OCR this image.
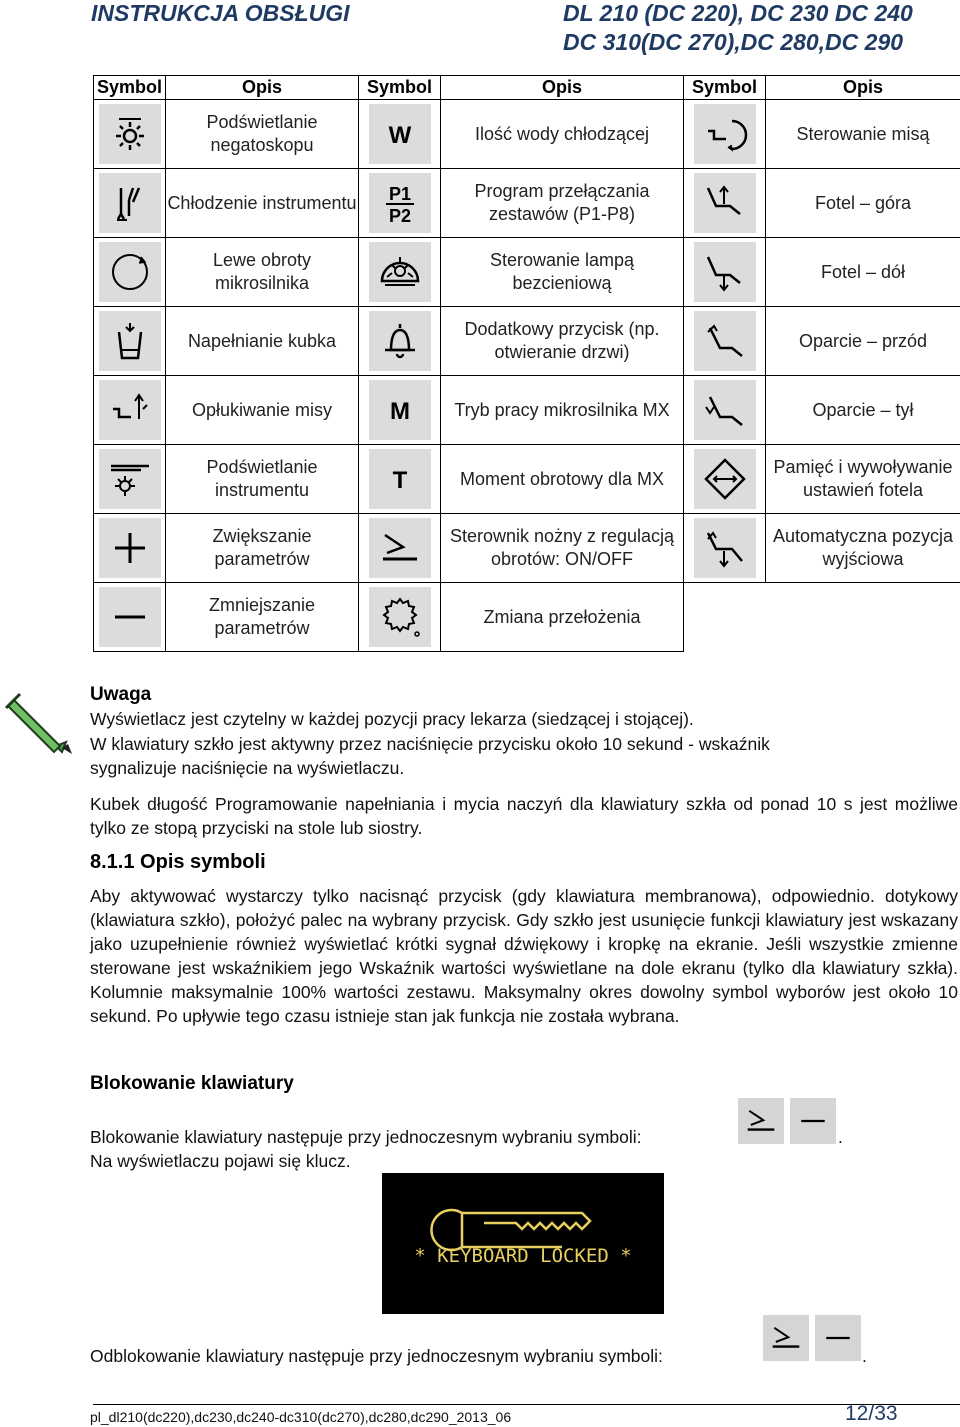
INSTRUKCJA OBSŁUGI	DL 210 (DC 220), DC 230 DC 240
DC 310(DC 270),DC 280,DC 290
Symbol	Opis	Symbol	Opis	Symbol	Opis

	Podświetlanie negatoskopu	W	Ilość wody chłodzącej		Sterowanie misą

	Chłodzenie instrumentu	P1
P2	Program przełączania zestawów (P1-P8)		Fotel – góra

	Lewe obroty mikrosilnika		Sterowanie lampą bezcieniową		Fotel – dół

	Napełnianie kubka		Dodatkowy przycisk (np. otwieranie drzwi)		Oparcie – przód

	Opłukiwanie misy	M	Tryb pracy mikrosilnika MX		Oparcie – tył

	Podświetlanie instrumentu	T	Moment obrotowy dla MX		Pamięć i wywoływanie ustawień fotela

	Zwiększanie parametrów		Sterownik nożny z regulacją obrotów: ON/OFF		Automatyczna pozycja wyjściowa

	Zmniejszanie parametrów		Zmiana przełożenia		
Uwaga
Wyświetlacz jest czytelny w każdej pozycji pracy lekarza (siedzącej i stojącej).
W klawiatury szkło jest aktywny przez naciśnięcie przycisku około 10 sekund - wskaźnik
sygnalizuje naciśnięcie na wyświetlaczu.
Kubek długość Programowanie napełniania i mycia naczyń dla klawiatury szkła od ponad 10 s jest możliwe tylko ze stopą przyciski na stole lub siostry.
8.1.1 Opis symboli
Aby aktywować wystarczy tylko nacisnąć przycisk (gdy klawiatura membranowa), odpowiednio. dotykowy (klawiatura szkło), położyć palec na wybrany przycisk. Gdy szkło jest usunięcie funkcji klawiatury jest wskazany jako uzupełnienie również wyświetlać krótki sygnał dźwiękowy i kropkę na ekranie. Jeśli wszystkie zmienne sterowane jest wskaźnikiem jego Wskaźnik wartości wyświetlane na dole ekranu (tylko dla klawiatury szkła). Kolumnie maksymalnie 100% wartości zestawu. Maksymalny okres dowolny symbol wyborów jest około 10 sekund. Po upływie tego czasu istnieje stan jak funkcja nie została wybrana.
Blokowanie klawiatury
Blokowanie klawiatury następuje przy jednoczesnym wybraniu symboli:	.
Na wyświetlaczu pojawi się klucz.
* KEYBOARD LOCKED *
Odblokowanie klawiatury następuje przy jednoczesnym wybraniu symboli:	.
pl_dl210(dc220),dc230,dc240-dc310(dc270),dc280,dc290_2013_06	12/33
